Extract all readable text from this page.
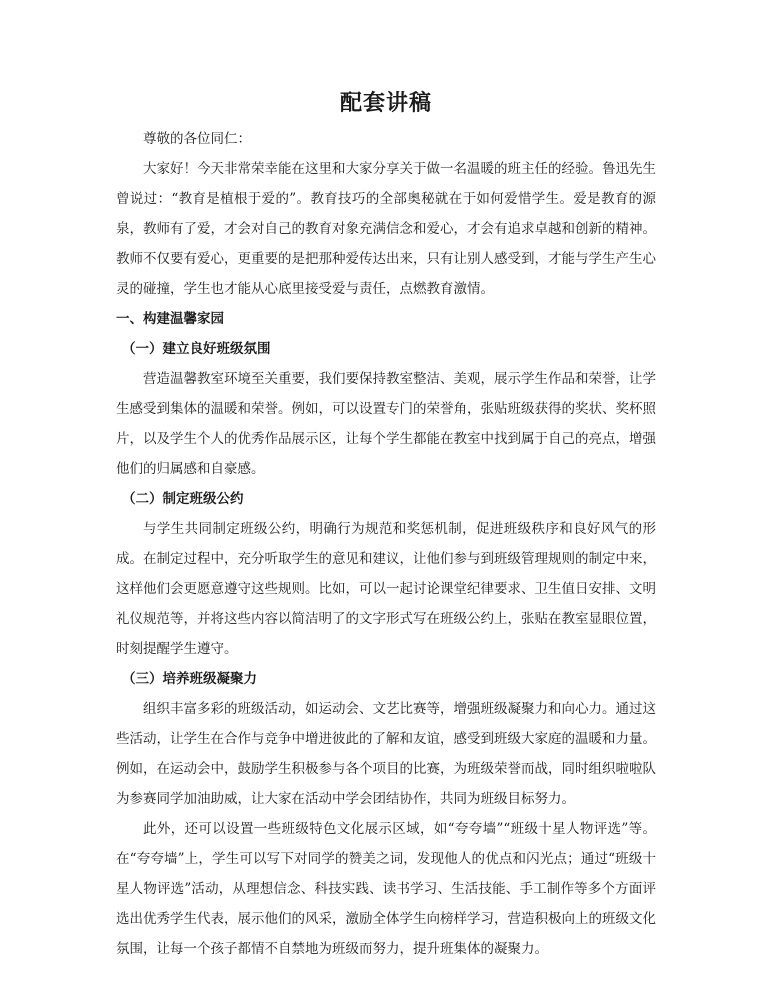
配套讲稿

尊敬的各位同仁：

大家好！今天非常荣幸能在这里和大家分享关于做一名温暖的班主任的经验。鲁迅先生曾说过：“教育是植根于爱的”。教育技巧的全部奥秘就在于如何爱惜学生。爱是教育的源泉，教师有了爱，才会对自己的教育对象充满信念和爱心，才会有追求卓越和创新的精神。教师不仅要有爱心，更重要的是把那种爱传达出来，只有让别人感受到，才能与学生产生心灵的碰撞，学生也才能从心底里接受爱与责任，点燃教育激情。

一、构建温馨家园

（一）建立良好班级氛围

营造温馨教室环境至关重要，我们要保持教室整洁、美观，展示学生作品和荣誉，让学生感受到集体的温暖和荣誉。例如，可以设置专门的荣誉角，张贴班级获得的奖状、奖杯照片，以及学生个人的优秀作品展示区，让每个学生都能在教室中找到属于自己的亮点，增强他们的归属感和自豪感。

（二）制定班级公约

与学生共同制定班级公约，明确行为规范和奖惩机制，促进班级秩序和良好风气的形成。在制定过程中，充分听取学生的意见和建议，让他们参与到班级管理规则的制定中来，这样他们会更愿意遵守这些规则。比如，可以一起讨论课堂纪律要求、卫生值日安排、文明礼仪规范等，并将这些内容以简洁明了的文字形式写在班级公约上，张贴在教室显眼位置，时刻提醒学生遵守。

（三）培养班级凝聚力

组织丰富多彩的班级活动，如运动会、文艺比赛等，增强班级凝聚力和向心力。通过这些活动，让学生在合作与竞争中增进彼此的了解和友谊，感受到班级大家庭的温暖和力量。例如，在运动会中，鼓励学生积极参与各个项目的比赛，为班级荣誉而战，同时组织啦啦队为参赛同学加油助威，让大家在活动中学会团结协作，共同为班级目标努力。

此外，还可以设置一些班级特色文化展示区域，如“夸夸墙”“班级十星人物评选”等。在“夸夸墙”上，学生可以写下对同学的赞美之词，发现他人的优点和闪光点；通过“班级十星人物评选”活动，从理想信念、科技实践、读书学习、生活技能、手工制作等多个方面评选出优秀学生代表，展示他们的风采，激励全体学生向榜样学习，营造积极向上的班级文化氛围，让每一个孩子都情不自禁地为班级而努力，提升班集体的凝聚力。
